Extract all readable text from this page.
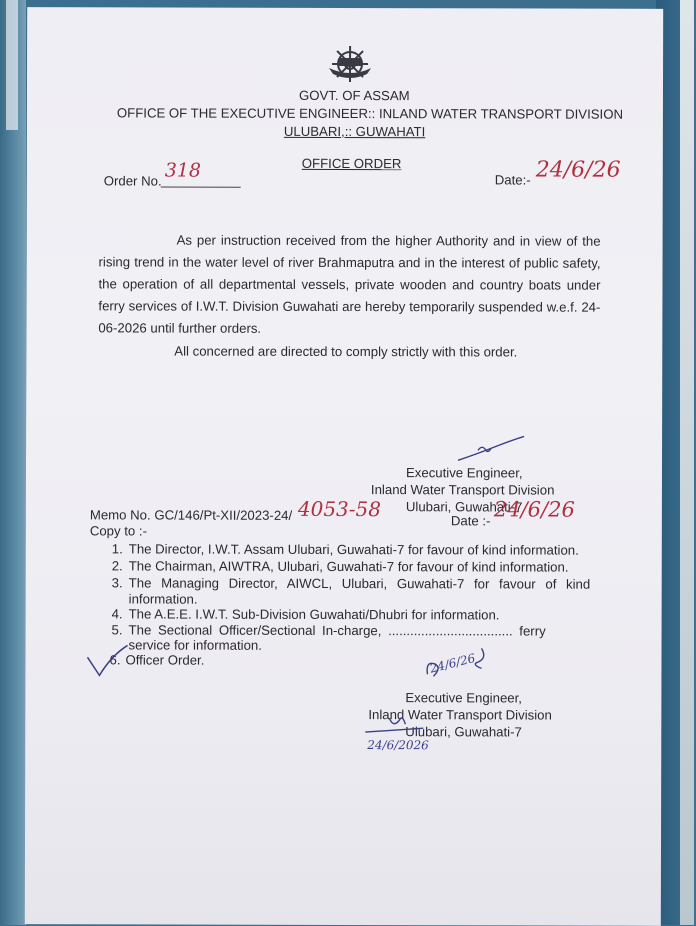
GOVT. OF ASSAM
OFFICE OF THE EXECUTIVE ENGINEER:: INLAND WATER TRANSPORT DIVISION
ULUBARI,:: GUWAHATI
OFFICE ORDER
Order No. 318	Date:- 24/6/26
As per instruction received from the higher Authority and in view of the rising trend in the water level of river Brahmaputra and in the interest of public safety, the operation of all departmental vessels, private wooden and country boats under ferry services of I.W.T. Division Guwahati are hereby temporarily suspended w.e.f. 24-06-2026 until further orders.
All concerned are directed to comply strictly with this order.
Executive Engineer,
Inland Water Transport Division
Ulubari, Guwahati-7
Memo No. GC/146/Pt-XII/2023-24/ 4053-58	Date :- 24/6/26
Copy to :-
1. The Director, I.W.T. Assam Ulubari, Guwahati-7 for favour of kind information.
2. The Chairman, AIWTRA, Ulubari, Guwahati-7 for favour of kind information.
3. The Managing Director, AIWCL, Ulubari, Guwahati-7 for favour of kind
information.
4. The A.E.E. I.W.T. Sub-Division Guwahati/Dhubri for information.
5. The Sectional Officer/Sectional In-charge, .................................. ferry
service for information.
6. Officer Order.	24/6/26
Executive Engineer,
Inland Water Transport Division
Ulubari, Guwahati-7
24/6/2026
